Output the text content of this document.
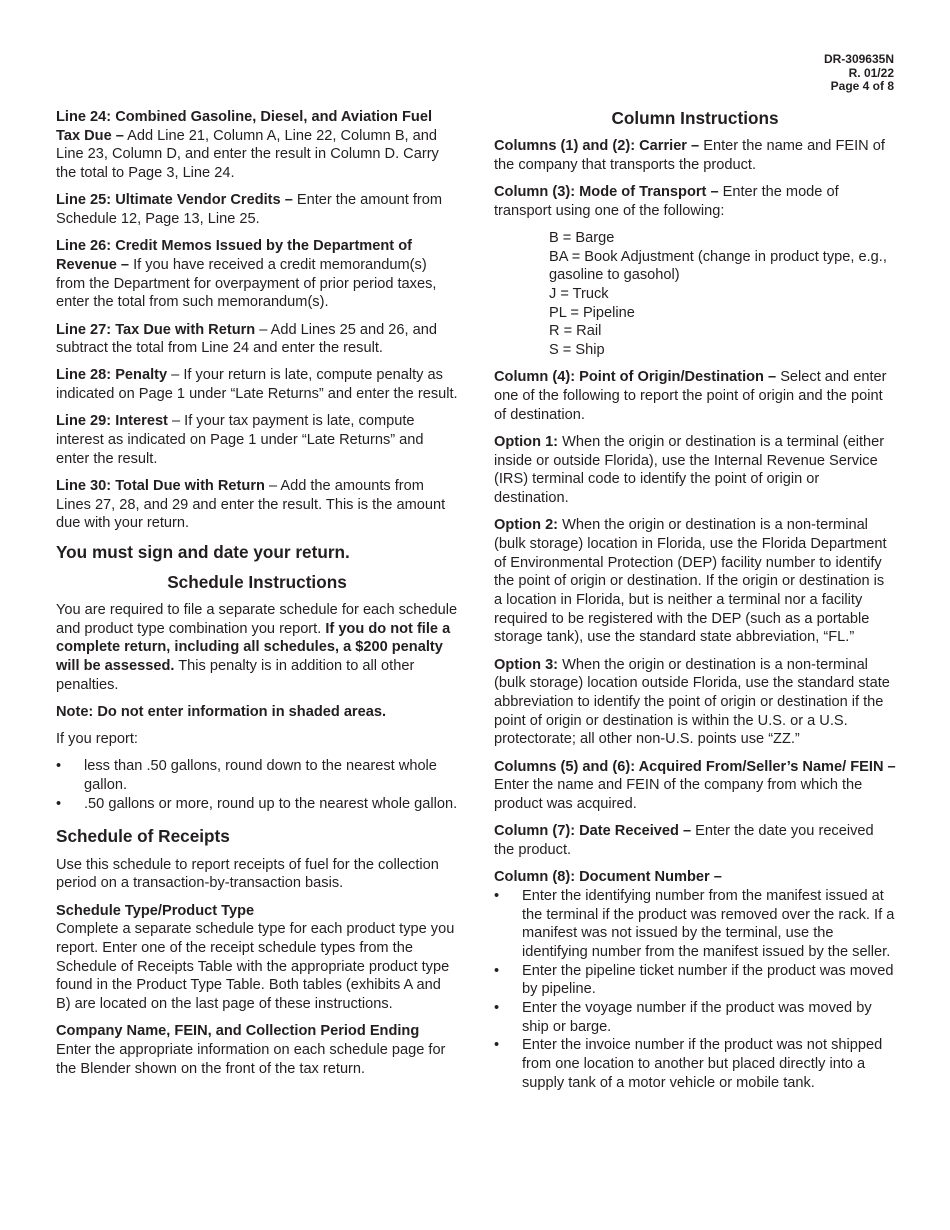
DR-309635N
R. 01/22
Page 4 of 8

Line 24: Combined Gasoline, Diesel, and Aviation Fuel Tax Due – Add Line 21, Column A, Line 22, Column B, and Line 23, Column D, and enter the result in Column D. Carry the total to Page 3, Line 24.

Line 25: Ultimate Vendor Credits – Enter the amount from Schedule 12, Page 13, Line 25.

Line 26: Credit Memos Issued by the Department of Revenue – If you have received a credit memorandum(s) from the Department for overpayment of prior period taxes, enter the total from such memorandum(s).

Line 27: Tax Due with Return – Add Lines 25 and 26, and subtract the total from Line 24 and enter the result.

Line 28: Penalty – If your return is late, compute penalty as indicated on Page 1 under “Late Returns” and enter the result.

Line 29: Interest – If your tax payment is late, compute interest as indicated on Page 1 under “Late Returns” and enter the result.

Line 30: Total Due with Return – Add the amounts from Lines 27, 28, and 29 and enter the result. This is the amount due with your return.

You must sign and date your return.
Schedule Instructions

You are required to file a separate schedule for each schedule and product type combination you report. If you do not file a complete return, including all schedules, a $200 penalty will be assessed. This penalty is in addition to all other penalties.

Note: Do not enter information in shaded areas.

If you report:

• less than .50 gallons, round down to the nearest whole gallon.
• .50 gallons or more, round up to the nearest whole gallon.
Schedule of Receipts

Use this schedule to report receipts of fuel for the collection period on a transaction-by-transaction basis.

Schedule Type/Product Type
Complete a separate schedule type for each product type you report. Enter one of the receipt schedule types from the Schedule of Receipts Table with the appropriate product type found in the Product Type Table. Both tables (exhibits A and B) are located on the last page of these instructions.
Company Name, FEIN, and Collection Period Ending
Enter the appropriate information on each schedule page for the Blender shown on the front of the tax return.
Column Instructions

Columns (1) and (2): Carrier – Enter the name and FEIN of the company that transports the product.

Column (3): Mode of Transport – Enter the mode of transport using one of the following:

B = Barge
BA = Book Adjustment (change in product type, e.g., gasoline to gasohol)
J = Truck
PL = Pipeline
R = Rail
S = Ship

Column (4): Point of Origin/Destination – Select and enter one of the following to report the point of origin and the point of destination.

Option 1: When the origin or destination is a terminal (either inside or outside Florida), use the Internal Revenue Service (IRS) terminal code to identify the point of origin or destination.

Option 2: When the origin or destination is a non-terminal (bulk storage) location in Florida, use the Florida Department of Environmental Protection (DEP) facility number to identify the point of origin or destination. If the origin or destination is a location in Florida, but is neither a terminal nor a facility required to be registered with the DEP (such as a portable storage tank), use the standard state abbreviation, “FL.”

Option 3: When the origin or destination is a non-terminal (bulk storage) location outside Florida, use the standard state abbreviation to identify the point of origin or destination if the point of origin or destination is within the U.S. or a U.S. protectorate; all other non-U.S. points use “ZZ.”

Columns (5) and (6): Acquired From/Seller’s Name/ FEIN – Enter the name and FEIN of the company from which the product was acquired.

Column (7): Date Received – Enter the date you received the product.

Column (8): Document Number –
• Enter the identifying number from the manifest issued at the terminal if the product was removed over the rack. If a manifest was not issued by the terminal, use the identifying number from the manifest issued by the seller.
• Enter the pipeline ticket number if the product was moved by pipeline.
• Enter the voyage number if the product was moved by ship or barge.
• Enter the invoice number if the product was not shipped from one location to another but placed directly into a supply tank of a motor vehicle or mobile tank.
